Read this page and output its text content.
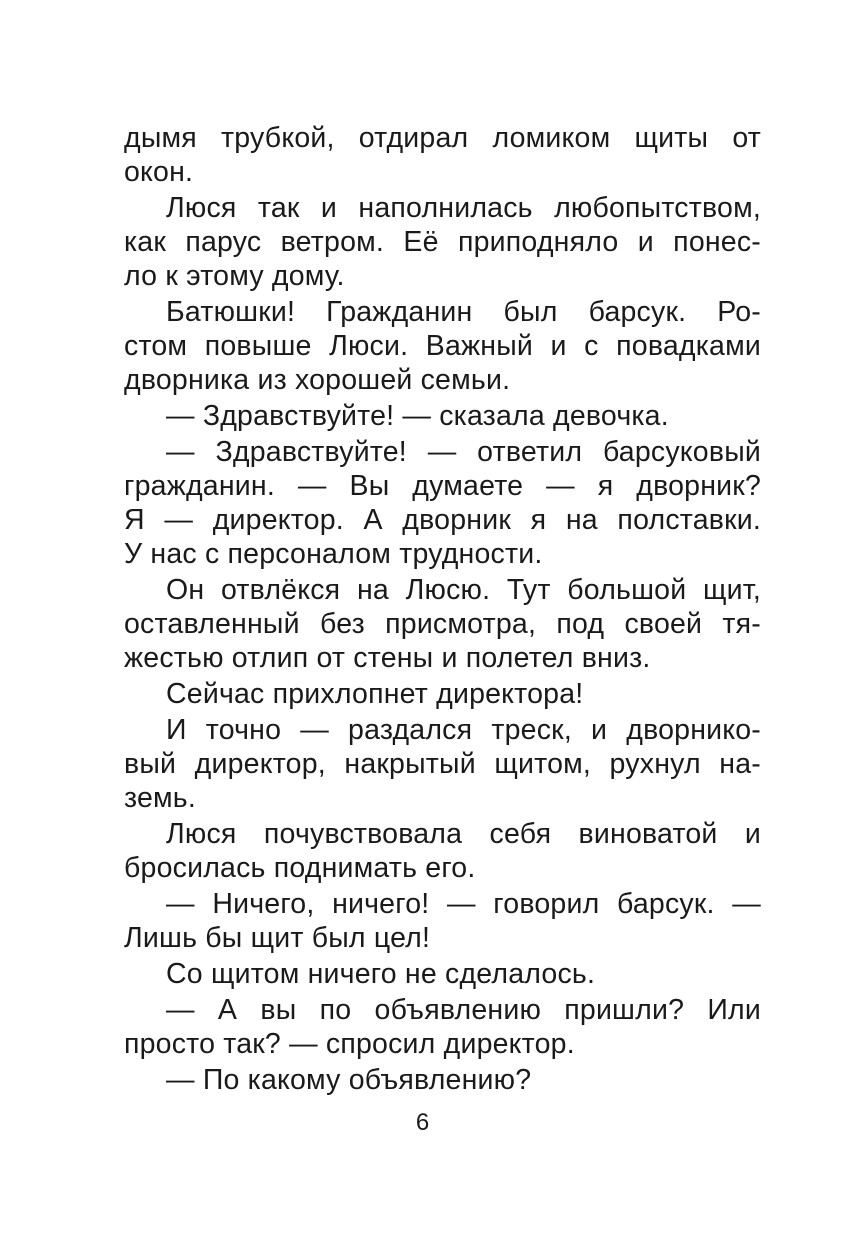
дымя трубкой, отдирал ломиком щиты от
окон.
Люся так и наполнилась любопытством,
как парус ветром. Её приподняло и понес-
ло к этому дому.
Батюшки! Гражданин был барсук. Ро-
стом повыше Люси. Важный и с повадками
дворника из хорошей семьи.
— Здравствуйте! — сказала девочка.
— Здравствуйте! — ответил барсуковый
гражданин. — Вы думаете — я дворник?
Я — директор. А дворник я на полставки.
У нас с персоналом трудности.
Он отвлёкся на Люсю. Тут большой щит,
оставленный без присмотра, под своей тя-
жестью отлип от стены и полетел вниз.
Сейчас прихлопнет директора!
И точно — раздался треск, и дворнико-
вый директор, накрытый щитом, рухнул на-
земь.
Люся почувствовала себя виноватой и
бросилась поднимать его.
— Ничего, ничего! — говорил барсук. —
Лишь бы щит был цел!
Со щитом ничего не сделалось.
— А вы по объявлению пришли? Или
просто так? — спросил директор.
— По какому объявлению?
6
